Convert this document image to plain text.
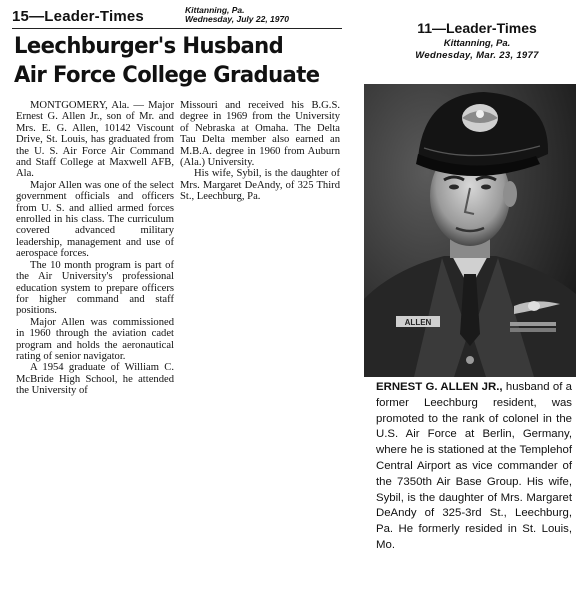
15—Leader-Times	Kittanning, Pa.
Wednesday, July 22, 1970
Leechburger's Husband
Air Force College Graduate

MONTGOMERY, Ala. — Major Ernest G. Allen Jr., son of Mr. and Mrs. E. G. Allen, 10142 Viscount Drive, St. Louis, has graduated from the U. S. Air Force Air Command and Staff College at Maxwell AFB, Ala.

Major Allen was one of the select government officials and officers from U. S. and allied armed forces enrolled in his class. The curriculum covered advanced military leadership, management and use of aerospace forces.

The 10 month program is part of the Air University's professional education system to prepare officers for higher command and staff positions.

Major Allen was commissioned in 1960 through the aviation cadet program and holds the aeronautical rating of senior navigator.

A 1954 graduate of William C. McBride High School, he attended the University of

Missouri and received his B.G.S. degree in 1969 from the University of Nebraska at Omaha. The Delta Tau Delta member also earned an M.B.A. degree in 1960 from Auburn (Ala.) University.

His wife, Sybil, is the daughter of Mrs. Margaret DeAndy, of 325 Third St., Leechburg, Pa.

11—Leader-Times
Kittanning, Pa.
Wednesday, Mar. 23, 1977
ALLEN
ERNEST G. ALLEN JR., husband of a former Leechburg resident, was promoted to the rank of colonel in the U.S. Air Force at Berlin, Germany, where he is stationed at the Templehof Central Airport as vice commander of the 7350th Air Base Group. His wife, Sybil, is the daughter of Mrs. Margaret DeAndy of 325-3rd St., Leechburg, Pa. He formerly resided in St. Louis, Mo.
